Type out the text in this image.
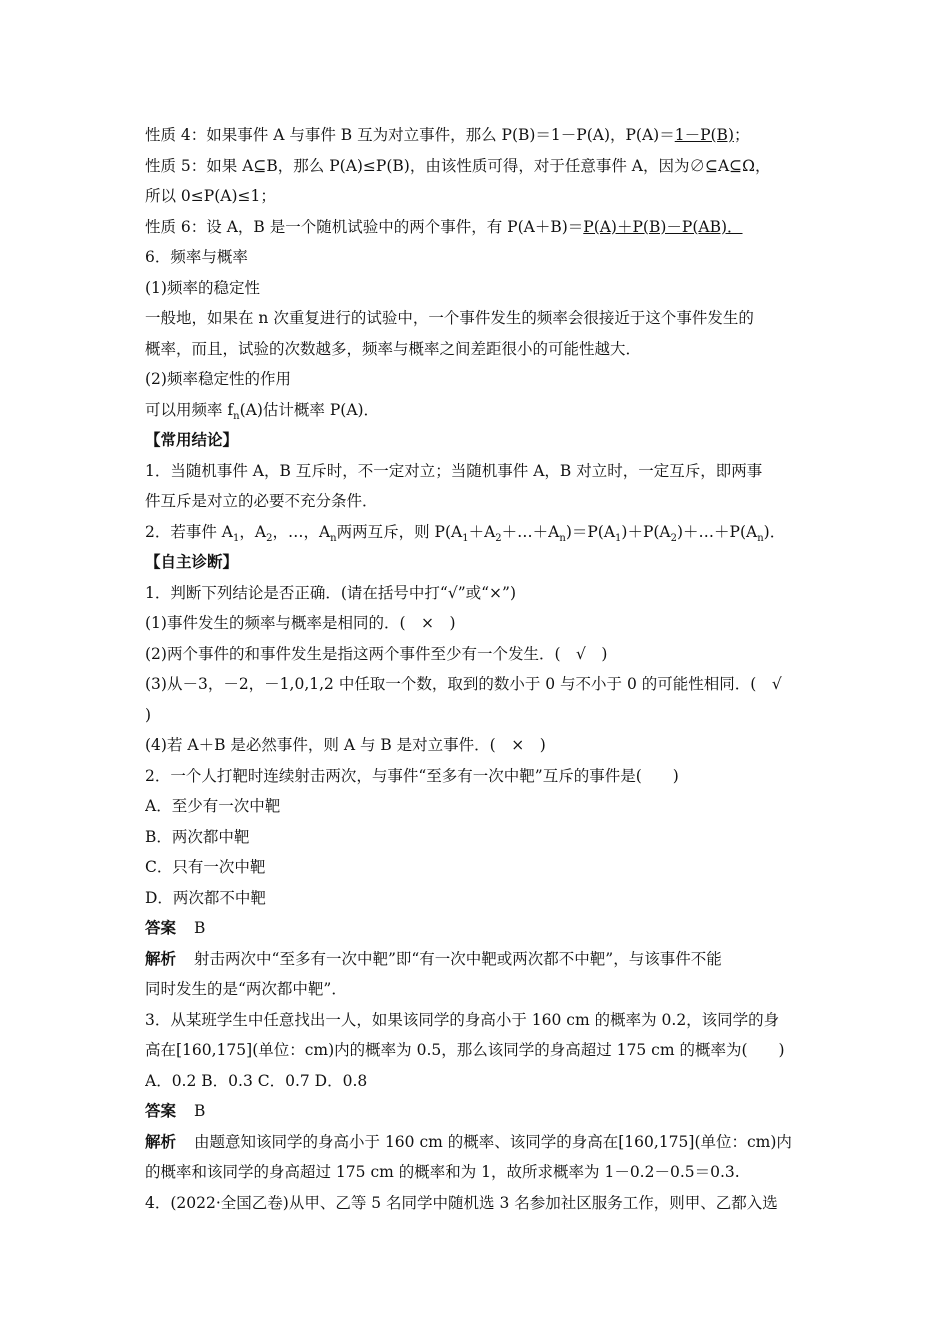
性质 4：如果事件 A 与事件 B 互为对立事件，那么 P(B)＝1－P(A)，P(A)＝1－P(B)；
性质 5：如果 A⊆B，那么 P(A)≤P(B)，由该性质可得，对于任意事件 A，因为∅⊆A⊆Ω，
所以 0≤P(A)≤1；
性质 6：设 A，B 是一个随机试验中的两个事件，有 P(A＋B)＝P(A)＋P(B)－P(AB)．
6．频率与概率
(1)频率的稳定性
一般地，如果在 n 次重复进行的试验中，一个事件发生的频率会很接近于这个事件发生的
概率，而且，试验的次数越多，频率与概率之间差距很小的可能性越大．
(2)频率稳定性的作用
可以用频率 $f_n(A)$估计概率 P(A)．
【常用结论】
1．当随机事件 A，B 互斥时，不一定对立；当随机事件 A，B 对立时，一定互斥，即两事
件互斥是对立的必要不充分条件．
2．若事件 $A_1$，$A_2$，…，$A_n$两两互斥，则 $P(A_1+A_2+\dots+A_n)=P(A_1)+P(A_2)+\dots+P(A_n)$．
【自主诊断】
1．判断下列结论是否正确．(请在括号中打“√”或“×”)
(1)事件发生的频率与概率是相同的．(　×　)
(2)两个事件的和事件发生是指这两个事件至少有一个发生．(　√　)
(3)从－3，－2，－1,0,1,2 中任取一个数，取到的数小于 0 与不小于 0 的可能性相同．(　√
)
(4)若 A＋B 是必然事件，则 A 与 B 是对立事件．(　×　)
2．一个人打靶时连续射击两次，与事件“至多有一次中靶”互斥的事件是(　　)
A．至少有一次中靶
B．两次都中靶
C．只有一次中靶
D．两次都不中靶
答案 B
解析 射击两次中“至多有一次中靶”即“有一次中靶或两次都不中靶”，与该事件不能
同时发生的是“两次都中靶”．
3．从某班学生中任意找出一人，如果该同学的身高小于 160 cm 的概率为 0.2，该同学的身
高在[160,175](单位：cm)内的概率为 0.5，那么该同学的身高超过 175 cm 的概率为(　　)
A．0.2 B．0.3 C．0.7 D．0.8
答案 B
解析 由题意知该同学的身高小于 160 cm 的概率、该同学的身高在[160,175](单位：cm)内
的概率和该同学的身高超过 175 cm 的概率和为 1，故所求概率为 1－0.2－0.5＝0.3.
4．(2022·全国乙卷)从甲、乙等 5 名同学中随机选 3 名参加社区服务工作，则甲、乙都入选
